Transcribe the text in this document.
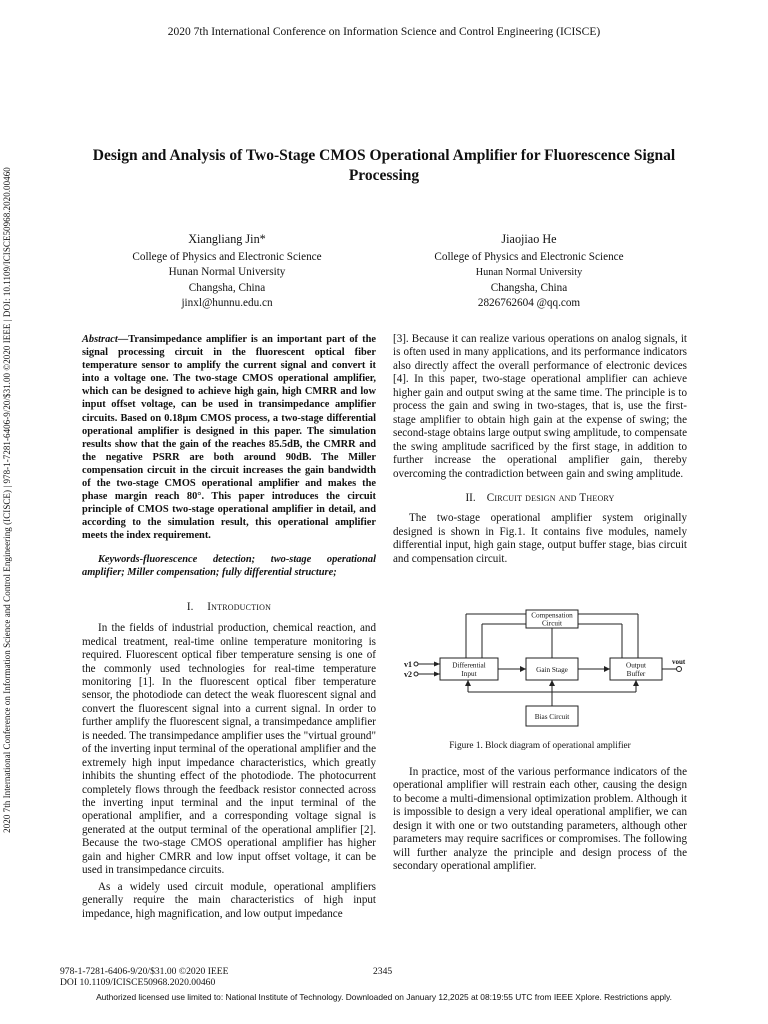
2020 7th International Conference on Information Science and Control Engineering (ICISCE)
2020 7th International Conference on Information Science and Control Engineering (ICISCE) | 978-1-7281-6406-9/20/$31.00 ©2020 IEEE | DOI: 10.1109/ICISCE50968.2020.00460
Design and Analysis of Two-Stage CMOS Operational Amplifier for Fluorescence Signal Processing
Xiangliang Jin*
College of Physics and Electronic Science
Hunan Normal University
Changsha, China
jinxl@hunnu.edu.cn
Jiaojiao He
College of Physics and Electronic Science
Hunan Normal University
Changsha, China
2826762604 @qq.com

Abstract—Transimpedance amplifier is an important part of the signal processing circuit in the fluorescent optical fiber temperature sensor to amplify the current signal and convert it into a voltage one. The two-stage CMOS operational amplifier, which can be designed to achieve high gain, high CMRR and low input offset voltage, can be used in transimpedance amplifier circuits. Based on 0.18μm CMOS process, a two-stage differential operational amplifier is designed in this paper. The simulation results show that the gain of the reaches 85.5dB, the CMRR and the negative PSRR are both around 90dB. The Miller compensation circuit in the circuit increases the gain bandwidth of the two-stage CMOS operational amplifier and makes the phase margin reach 80°. This paper introduces the circuit principle of CMOS two-stage operational amplifier in detail, and according to the simulation result, this operational amplifier meets the index requirement.

Keywords-fluorescence detection; two-stage operational amplifier; Miller compensation; fully differential structure;

I. Introduction

In the fields of industrial production, chemical reaction, and medical treatment, real-time online temperature monitoring is required. Fluorescent optical fiber temperature sensing is one of the commonly used technologies for real-time temperature monitoring [1]. In the fluorescent optical fiber temperature sensor, the photodiode can detect the weak fluorescent signal and convert the fluorescent signal into a current signal. In order to further amplify the fluorescent signal, a transimpedance amplifier is needed. The transimpedance amplifier uses the "virtual ground" of the inverting input terminal of the operational amplifier and the extremely high input impedance characteristics, which greatly inhibits the shunting effect of the photodiode. The photocurrent completely flows through the feedback resistor connected across the inverting input terminal and the input terminal of the operational amplifier, and a corresponding voltage signal is generated at the output terminal of the operational amplifier [2]. Because the two-stage CMOS operational amplifier has higher gain and higher CMRR and low input offset voltage, it can be used in transimpedance circuits.

As a widely used circuit module, operational amplifiers generally require the main characteristics of high input impedance, high magnification, and low output impedance

[3]. Because it can realize various operations on analog signals, it is often used in many applications, and its performance indicators also directly affect the overall performance of electronic devices [4]. In this paper, two-stage operational amplifier can achieve higher gain and output swing at the same time. The principle is to process the gain and swing in two-stages, that is, use the first-stage amplifier to obtain high gain at the expense of swing; the second-stage obtains large output swing amplitude, to compensate the swing amplitude sacrificed by the first stage, in addition to further increase the operational amplifier gain, thereby overcoming the contradiction between gain and swing amplitude.

II. Circuit design and Theory

The two-stage operational amplifier system originally designed is shown in Fig.1. It contains five modules, namely differential input, high gain stage, output buffer stage, bias circuit and compensation circuit.

Compensation
Circuit
Differential
Input	Gain Stage
Output
Buffer
Bias Circuit
v1
v2
vout
Figure 1. Block diagram of operational amplifier

In practice, most of the various performance indicators of the operational amplifier will restrain each other, causing the design to become a multi-dimensional optimization problem. Although it is impossible to design a very ideal operational amplifier, we can design it with one or two outstanding parameters, although other parameters may require sacrifices or compromises. The following will further analyze the principle and design process of the secondary operational amplifier.

978-1-7281-6406-9/20/$31.00 ©2020 IEEE
DOI 10.1109/ICISCE50968.2020.00460
2345
Authorized licensed use limited to: National Institute of Technology. Downloaded on January 12,2025 at 08:19:55 UTC from IEEE Xplore. Restrictions apply.
